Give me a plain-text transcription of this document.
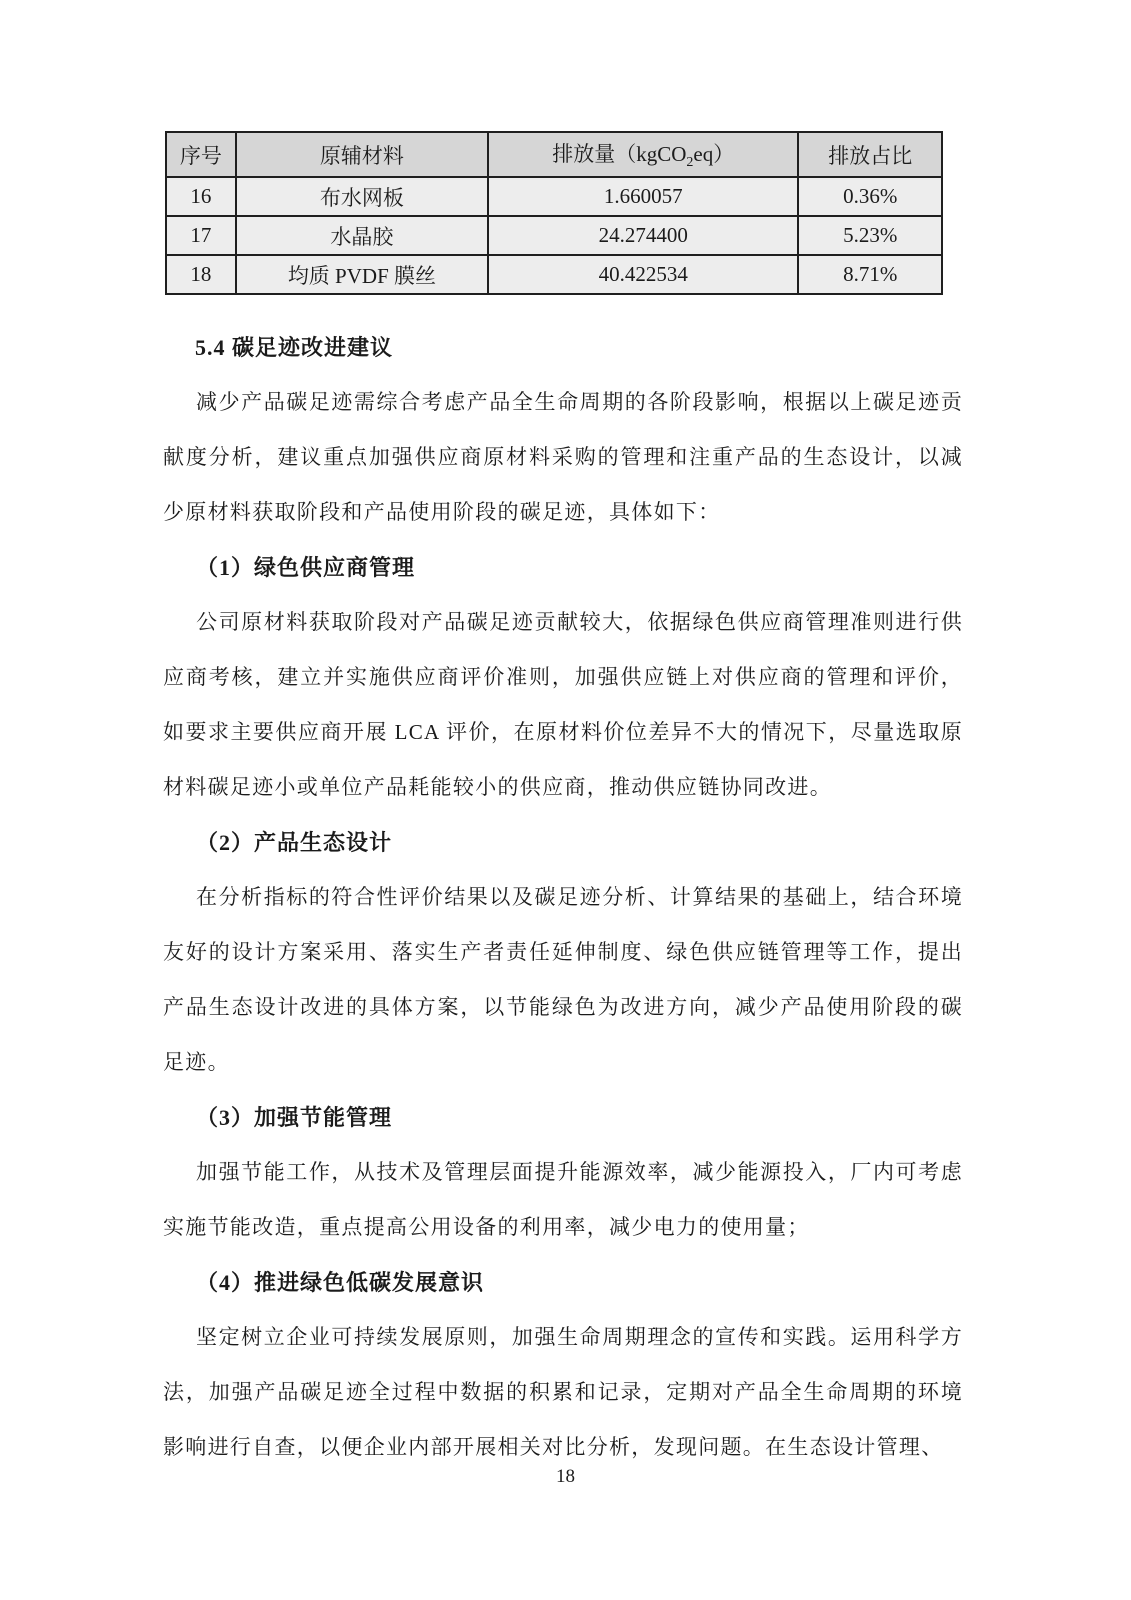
序号	原辅材料	排放量（kgCO$_2$eq）	排放占比
16	布水网板	1.660057	0.36%
17	水晶胶	24.274400	5.23%
18	均质 PVDF 膜丝	40.422534	8.71%
5.4 碳足迹改进建议

减少产品碳足迹需综合考虑产品全生命周期的各阶段影响，根据以上碳足迹贡献度分析，建议重点加强供应商原材料采购的管理和注重产品的生态设计，以减少原材料获取阶段和产品使用阶段的碳足迹，具体如下：

（1）绿色供应商管理

公司原材料获取阶段对产品碳足迹贡献较大，依据绿色供应商管理准则进行供应商考核，建立并实施供应商评价准则，加强供应链上对供应商的管理和评价，如要求主要供应商开展 LCA 评价，在原材料价位差异不大的情况下，尽量选取原材料碳足迹小或单位产品耗能较小的供应商，推动供应链协同改进。

（2）产品生态设计

在分析指标的符合性评价结果以及碳足迹分析、计算结果的基础上，结合环境友好的设计方案采用、落实生产者责任延伸制度、绿色供应链管理等工作，提出产品生态设计改进的具体方案，以节能绿色为改进方向，减少产品使用阶段的碳足迹。

（3）加强节能管理

加强节能工作，从技术及管理层面提升能源效率，减少能源投入，厂内可考虑实施节能改造，重点提高公用设备的利用率，减少电力的使用量；

（4）推进绿色低碳发展意识

坚定树立企业可持续发展原则，加强生命周期理念的宣传和实践。运用科学方法，加强产品碳足迹全过程中数据的积累和记录，定期对产品全生命周期的环境影响进行自查，以便企业内部开展相关对比分析，发现问题。在生态设计管理、

18
